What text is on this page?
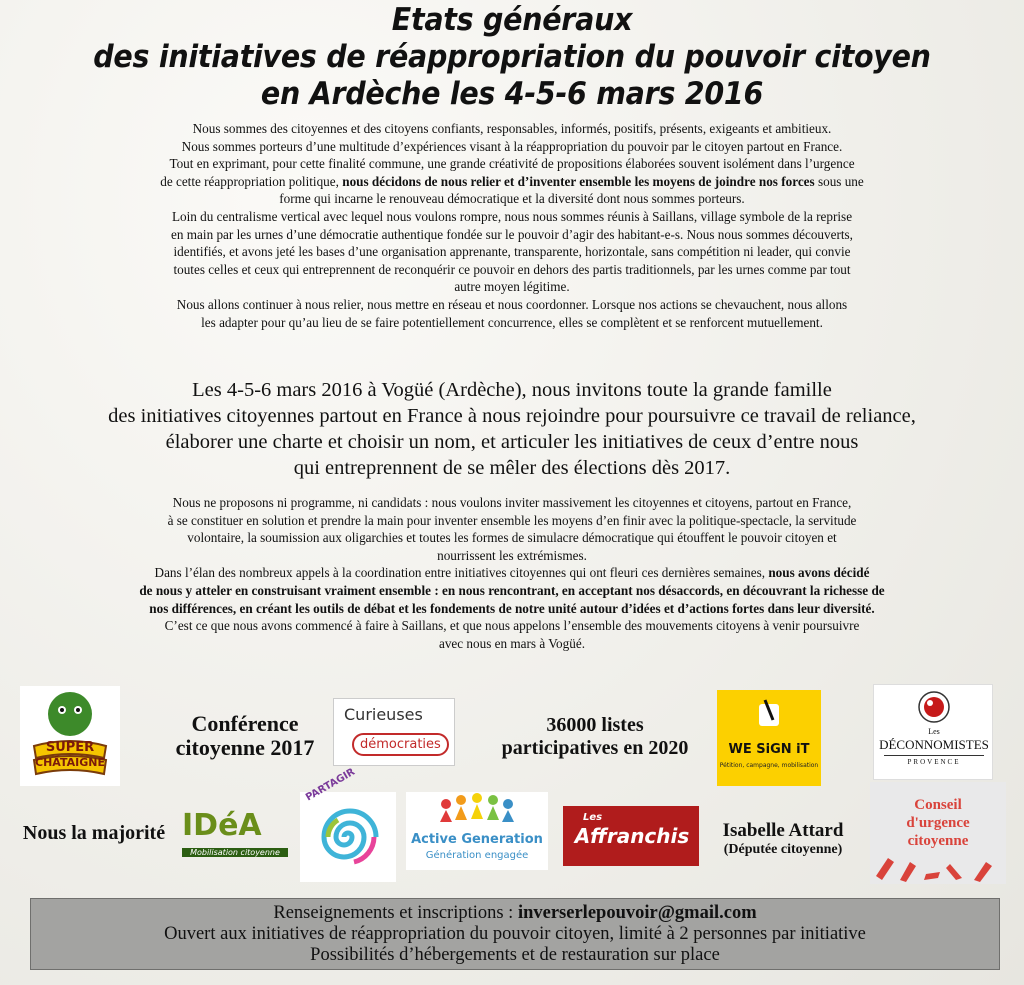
Etats généraux
des initiatives de réappropriation du pouvoir citoyen
en Ardèche les 4-5-6 mars 2016

Nous sommes des citoyennes et des citoyens confiants, responsables, informés, positifs, présents, exigeants et ambitieux.

Nous sommes porteurs d’une multitude d’expériences visant à la réappropriation du pouvoir par le citoyen partout en France.

Tout en exprimant, pour cette finalité commune, une grande créativité de propositions élaborées souvent isolément dans l’urgence

de cette réappropriation politique, nous décidons de nous relier et d’inventer ensemble les moyens de joindre nos forces sous une

forme qui incarne le renouveau démocratique et la diversité dont nous sommes porteurs.

Loin du centralisme vertical avec lequel nous voulons rompre, nous nous sommes réunis à Saillans, village symbole de la reprise

en main par les urnes d’une démocratie authentique fondée sur le pouvoir d’agir des habitant-e-s. Nous nous sommes découverts,

identifiés, et avons jeté les bases d’une organisation apprenante, transparente, horizontale, sans compétition ni leader, qui convie

toutes celles et ceux qui entreprennent de reconquérir ce pouvoir en dehors des partis traditionnels, par les urnes comme par tout

autre moyen légitime.

Nous allons continuer à nous relier, nous mettre en réseau et nous coordonner. Lorsque nos actions se chevauchent, nous allons

les adapter pour qu’au lieu de se faire potentiellement concurrence, elles se complètent et se renforcent mutuellement.

Les 4-5-6 mars 2016 à Vogüé (Ardèche), nous invitons toute la grande famille

des initiatives citoyennes partout en France à nous rejoindre pour poursuivre ce travail de reliance,

élaborer une charte et choisir un nom, et articuler les initiatives de ceux d’entre nous

qui entreprennent de se mêler des élections dès 2017.

Nous ne proposons ni programme, ni candidats : nous voulons inviter massivement les citoyennes et citoyens, partout en France,

à se constituer en solution et prendre la main pour inventer ensemble les moyens d’en finir avec la politique-spectacle, la servitude

volontaire, la soumission aux oligarchies et toutes les formes de simulacre démocratique qui étouffent le pouvoir citoyen et

nourrissent les extrémismes.

Dans l’élan des nombreux appels à la coordination entre initiatives citoyennes qui ont fleuri ces dernières semaines, nous avons décidé

de nous y atteler en construisant vraiment ensemble : en nous rencontrant, en acceptant nos désaccords, en découvrant la richesse de

nos différences, en créant les outils de débat et les fondements de notre unité autour d’idées et d’actions fortes dans leur diversité.

C’est ce que nous avons commencé à faire à Saillans, et que nous appelons l’ensemble des mouvements citoyens à venir poursuivre

avec nous en mars à Vogüé.

SUPER
CHÂTAIGNE
Conférence
citoyenne 2017
Curieuses
démocraties
36000 listes
participatives en 2020	WE SiGN iT
Pétition, campagne, mobilisation
Les
DÉCONNOMISTES
PROVENCE
Nous la majorité IDéA
Mobilisation citoyenne
PARTAGIR
Active Generation
Génération engagée
Les
Affranchis	Isabelle Attard
(Députée citoyenne)
Conseil
d'urgence
citoyenne
Renseignements et inscriptions : inverserlepouvoir@gmail.com
Ouvert aux initiatives de réappropriation du pouvoir citoyen, limité à 2 personnes par initiative
Possibilités d’hébergements et de restauration sur place
